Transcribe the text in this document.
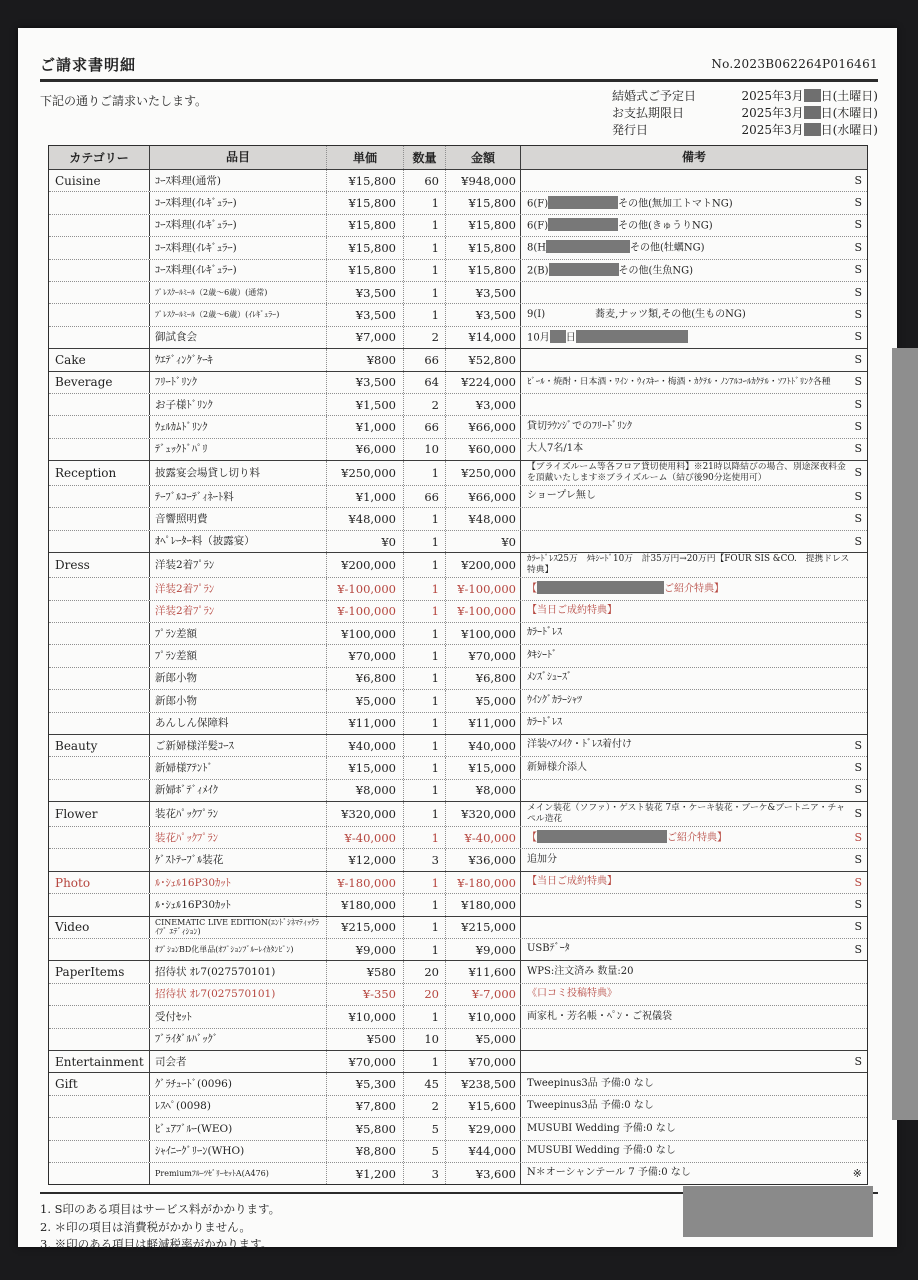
ご請求書明細	No.2023B062264P016461
下記の通りご請求いたします。	結婚式ご予定日	2025年3月 日(土曜日)
お支払期限日	2025年3月 日(木曜日)
発行日	2025年3月 日(水曜日)
カテゴリー	品目	単価	数量	金額	備考
Cuisine	ｺｰｽ料理(通常)	¥15,800	60	¥948,000	S
ｺｰｽ料理(ｲﾚｷﾞｭﾗｰ)	¥15,800	1	¥15,800	6(F)	その他(無加工トマトNG)	S
ｺｰｽ料理(ｲﾚｷﾞｭﾗｰ)	¥15,800	1	¥15,800	6(F)	その他(きゅうりNG)	S
ｺｰｽ料理(ｲﾚｷﾞｭﾗｰ)	¥15,800	1	¥15,800	8(H	その他(牡蠣NG)	S
ｺｰｽ料理(ｲﾚｷﾞｭﾗｰ)	¥15,800	1	¥15,800	2(B)	その他(生魚NG)	S
ﾌﾟﾚｽｸｰﾙﾐｰﾙ（2歳～6歳）(通常)	¥3,500	1	¥3,500	S
ﾌﾟﾚｽｸｰﾙﾐｰﾙ（2歳～6歳）(ｲﾚｷﾞｭﾗｰ)	¥3,500	1	¥3,500	9(I)	蕎麦,ナッツ類,その他(生ものNG)	S
御試食会	¥7,000	2	¥14,000	10月 日	S
Cake	ｳｴﾃﾞｨﾝｸﾞｹｰｷ	¥800	66	¥52,800	S
Beverage	ﾌﾘｰﾄﾞﾘﾝｸ	¥3,500	64	¥224,000	ﾋﾞｰﾙ・焼酎・日本酒・ﾜｲﾝ・ｳｨｽｷｰ・梅酒・ｶｸﾃﾙ・ﾉﾝｱﾙｺｰﾙｶｸﾃﾙ・ｿﾌﾄﾄﾞﾘﾝｸ各種	S
お子様ﾄﾞﾘﾝｸ	¥1,500	2	¥3,000	S
ｳｪﾙｶﾑﾄﾞﾘﾝｸ	¥1,000	66	¥66,000	貸切ﾗｳﾝｼﾞでのﾌﾘｰﾄﾞﾘﾝｸ	S
ﾃﾞｭｯｸﾄﾞﾊﾟﾘ	¥6,000	10	¥60,000	大人7名/1本	S
Reception	披露宴会場貸し切り料	¥250,000	1	¥250,000	【ブライズルーム等各フロア貸切使用料】※21時以降結びの場合、別途深夜料金を頂戴いたします※ブライズルーム（結び後90分迄使用可）	S
ﾃｰﾌﾞﾙｺｰﾃﾞｨﾈｰﾄ料	¥1,000	66	¥66,000	ショープレ無し	S
音響照明費	¥48,000	1	¥48,000	S
ｵﾍﾟﾚｰﾀｰ料（披露宴）	¥0	1	¥0	S
Dress	洋装2着ﾌﾟﾗﾝ	¥200,000	1	¥200,000	ｶﾗｰﾄﾞﾚｽ25万　ﾀｷｼｰﾄﾞ10万　計35万円→20万円【FOUR SIS &CO.　提携ドレス特典】
洋装2着ﾌﾟﾗﾝ	¥-100,000	1	¥-100,000	【	ご紹介特典】
洋装2着ﾌﾟﾗﾝ	¥-100,000	1	¥-100,000	【当日ご成約特典】
ﾌﾟﾗﾝ差額	¥100,000	1	¥100,000	ｶﾗｰﾄﾞﾚｽ
ﾌﾟﾗﾝ差額	¥70,000	1	¥70,000	ﾀｷｼｰﾄﾞ
新郎小物	¥6,800	1	¥6,800	ﾒﾝｽﾞｼｭｰｽﾞ
新郎小物	¥5,000	1	¥5,000	ｳｲﾝｸﾞｶﾗｰｼｬﾂ
あんしん保障料	¥11,000	1	¥11,000	ｶﾗｰﾄﾞﾚｽ
Beauty	ご新婦様洋髪ｺｰｽ	¥40,000	1	¥40,000	洋装ﾍｱﾒｲｸ・ﾄﾞﾚｽ着付け	S
新婦様ｱﾃﾝﾄﾞ	¥15,000	1	¥15,000	新婦様介添人	S
新婦ﾎﾞﾃﾞｨﾒｲｸ	¥8,000	1	¥8,000	S
Flower	装花ﾊﾟｯｸﾌﾟﾗﾝ	¥320,000	1	¥320,000	メイン装花（ソファ）・ゲスト装花 7卓・ケーキ装花・ブーケ&ブートニア・チャペル造花	S
装花ﾊﾟｯｸﾌﾟﾗﾝ	¥-40,000	1	¥-40,000	【	ご紹介特典】	S
ｹﾞｽﾄﾃｰﾌﾞﾙ装花	¥12,000	3	¥36,000	追加分	S
Photo	ﾙ･ｼｪﾙ16P30ｶｯﾄ	¥-180,000	1	¥-180,000	【当日ご成約特典】	S
ﾙ･ｼｪﾙ16P30ｶｯﾄ	¥180,000	1	¥180,000	S
Video	CINEMATIC LIVE EDITION(ｴﾝﾄﾞｼﾈﾏﾃｨｯｸﾗｲﾌﾞ ｴﾃﾞｨｼｮﾝ)	¥215,000	1	¥215,000	S
ｵﾌﾟｼｮﾝBD化単品(ｵﾌﾟｼｮﾝﾌﾞﾙｰﾚｲｶﾀﾝﾋﾟﾝ)	¥9,000	1	¥9,000	USBﾃﾞｰﾀ	S
PaperItems	招待状 ｵﾚ7(027570101)	¥580	20	¥11,600	WPS:注文済み 数量:20
招待状 ｵﾚ7(027570101)	¥-350	20	¥-7,000	《口コミ投稿特典》
受付ｾｯﾄ	¥10,000	1	¥10,000	両家札・芳名帳・ﾍﾟﾝ・ご祝儀袋
ﾌﾞﾗｲﾀﾞﾙﾊﾞｯｸﾞ	¥500	10	¥5,000
Entertainment	司会者	¥70,000	1	¥70,000	S
Gift	ｸﾞﾗﾁｭｰﾄﾞ(0096)	¥5,300	45	¥238,500	Tweepinus3品 予備:0 なし
ﾚｽﾍﾟ(0098)	¥7,800	2	¥15,600	Tweepinus3品 予備:0 なし
ﾋﾞｭｱﾌﾞﾙｰ(WEO)	¥5,800	5	¥29,000	MUSUBI Wedding 予備:0 なし
ｼｬｲﾆｰｸﾞﾘｰﾝ(WHO)	¥8,800	5	¥44,000	MUSUBI Wedding 予備:0 なし
PremiumﾌﾙｰﾂｾﾞﾘｰｾｯﾄA(A476)	¥1,200	3	¥3,600	N＊オーシャンテール 7 予備:0 なし	※
1. S印のある項目はサービス料がかかります。
2. ＊印の項目は消費税がかかりません。
3. ※印のある項目は軽減税率がかかります。
